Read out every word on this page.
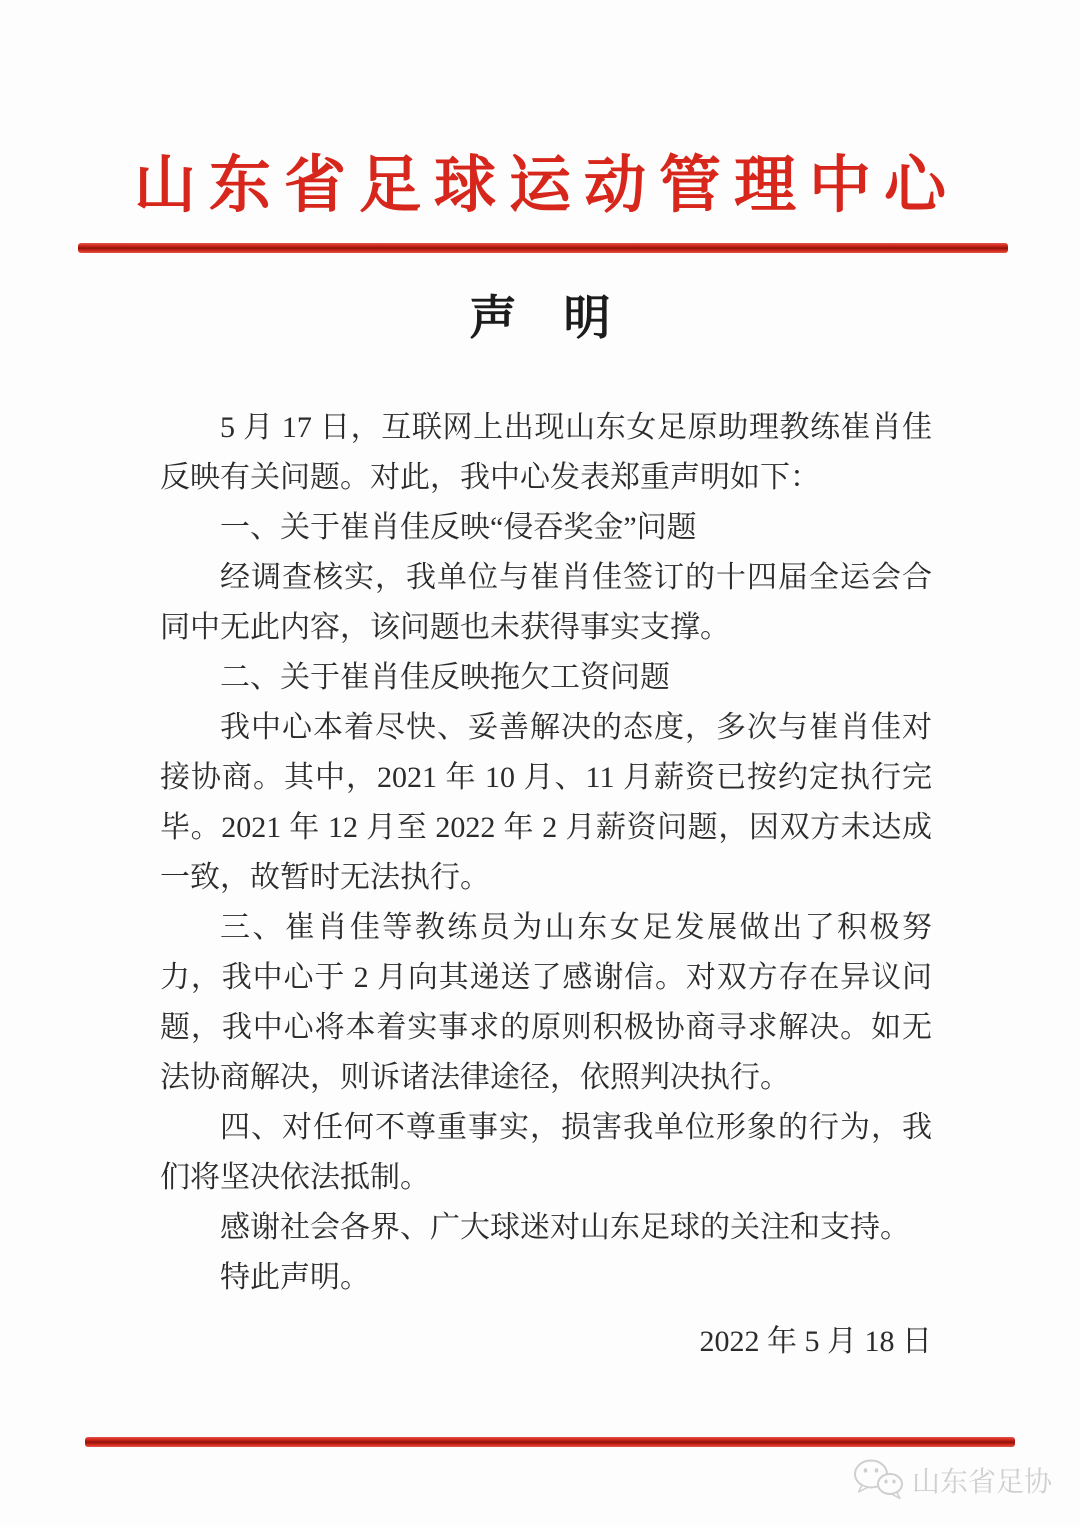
山东省足球运动管理中心
声　明

5 月 17 日，互联网上出现山东女足原助理教练崔肖佳反映有关问题。对此，我中心发表郑重声明如下：

一、关于崔肖佳反映“侵吞奖金”问题

经调查核实，我单位与崔肖佳签订的十四届全运会合同中无此内容，该问题也未获得事实支撑。

二、关于崔肖佳反映拖欠工资问题

我中心本着尽快、妥善解决的态度，多次与崔肖佳对接协商。其中，2021 年 10 月、11 月薪资已按约定执行完毕。2021 年 12 月至 2022 年 2 月薪资问题，因双方未达成一致，故暂时无法执行。

三、崔肖佳等教练员为山东女足发展做出了积极努力，我中心于 2 月向其递送了感谢信。对双方存在异议问题，我中心将本着实事求的原则积极协商寻求解决。如无法协商解决，则诉诸法律途径，依照判决执行。

四、对任何不尊重事实，损害我单位形象的行为，我们将坚决依法抵制。

感谢社会各界、广大球迷对山东足球的关注和支持。

特此声明。

2022 年 5 月 18 日

山东省足协
